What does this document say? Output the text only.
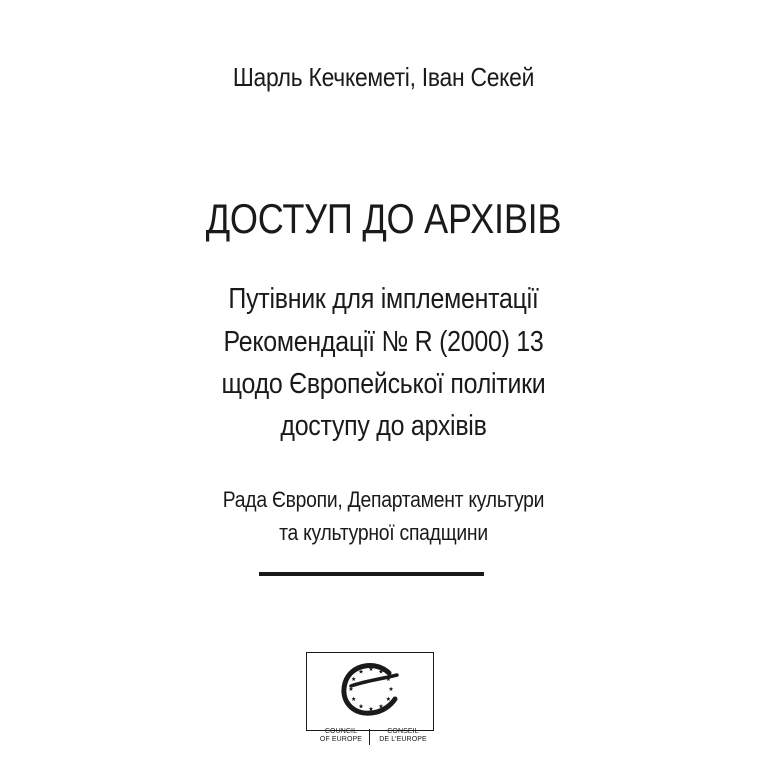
Шарль Кечкеметі, Іван Секей
ДОСТУП ДО АРХІВІВ
Путівник для імплементації
Рекомендації № R (2000) 13
щодо Європейської політики
доступу до архівів
Рада Європи, Департамент культури
та культурної спадщини
COUNCIL
OF EUROPE
CONSEIL
DE L'EUROPE
